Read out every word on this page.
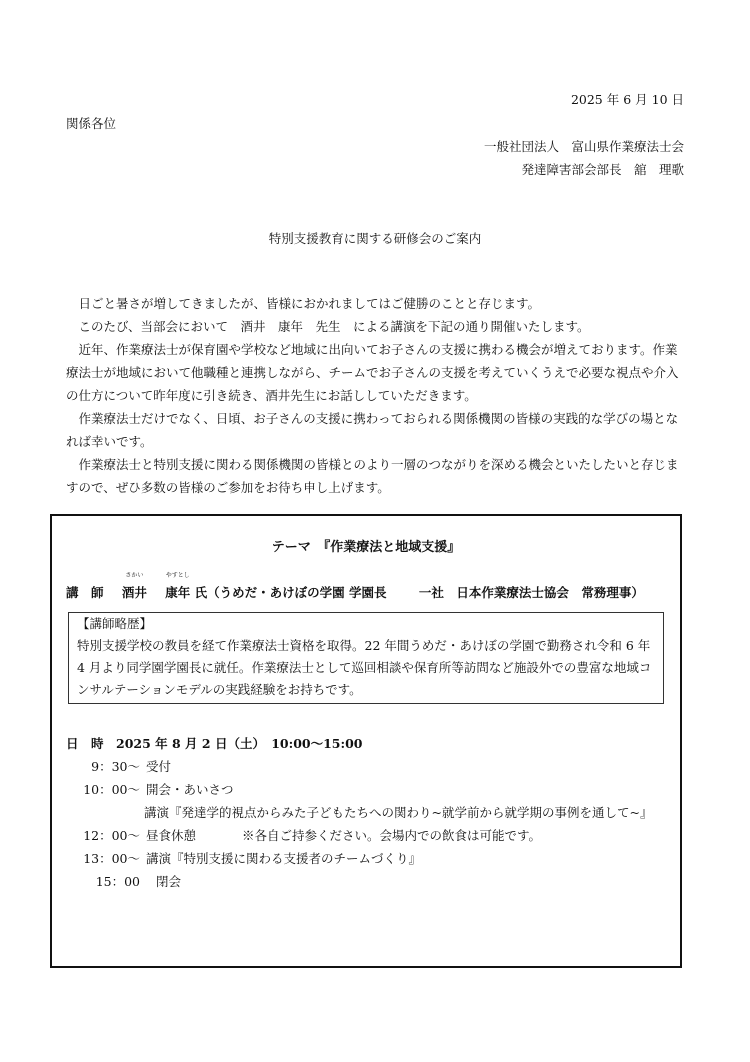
2025 年 6 月 10 日
関係各位
一般社団法人　富山県作業療法士会
発達障害部会部長　舘　理歌
特別支援教育に関する研修会のご案内

日ごと暑さが増してきましたが、皆様におかれましてはご健勝のことと存じます。

このたび、当部会において　酒井　康年　先生　による講演を下記の通り開催いたします。

近年、作業療法士が保育園や学校など地域に出向いてお子さんの支援に携わる機会が増えております。作業療法士が地域において他職種と連携しながら、チームでお子さんの支援を考えていくうえで必要な視点や介入の仕方について昨年度に引き続き、酒井先生にお話ししていただきます。

作業療法士だけでなく、日頃、お子さんの支援に携わっておられる関係機関の皆様の実践的な学びの場となれば幸いです。

作業療法士と特別支援に関わる関係機関の皆様とのより一層のつながりを深める機会といたしたいと存じますので、ぜひ多数の皆様のご参加をお待ち申し上げます。

テーマ　『作業療法と地域支援』
講　師
さかい
酒井
やすとし
康年 氏（うめだ・あけぼの学園 学園長	一社　日本作業療法士協会　常務理事）

【講師略歴】

特別支援学校の教員を経て作業療法士資格を取得。22 年間うめだ・あけぼの学園で勤務され令和 6 年 4 月より同学園学園長に就任。作業療法士として巡回相談や保育所等訪問など施設外での豊富な地域コンサルテーションモデルの実践経験をお持ちです。

日　時　2025 年 8 月 2 日（土）　10:00〜15:00
9：30〜 受付
10：00〜 開会・あいさつ
講演『発達学的視点からみた子どもたちへの関わり~就学前から就学期の事例を通して~』
12：00〜 昼食休憩	※各自ご持参ください。会場内での飲食は可能です。
13：00〜 講演『特別支援に関わる支援者のチームづくり』
15：00 閉会
